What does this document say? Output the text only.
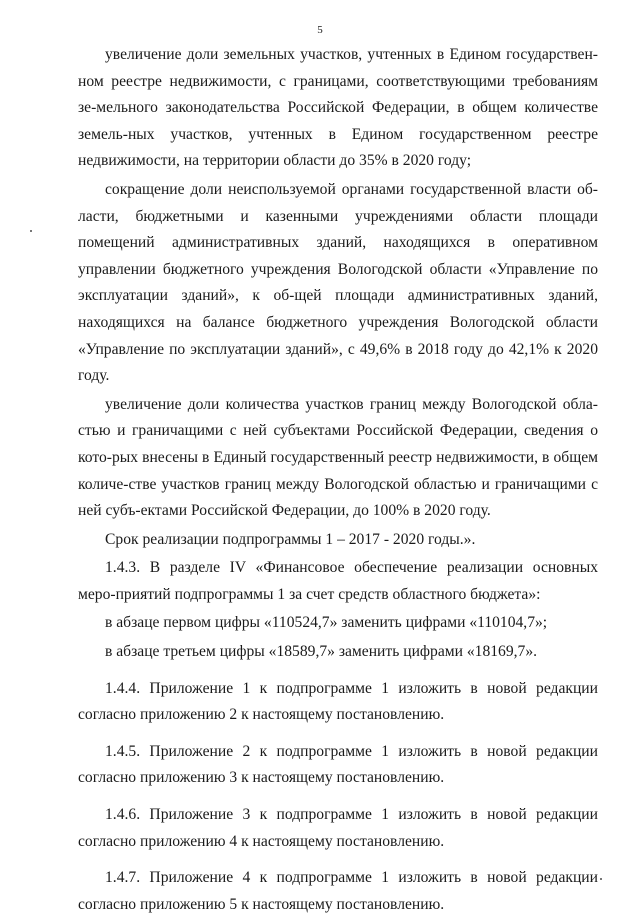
5

увеличение доли земельных участков, учтенных в Едином государствен-ном реестре недвижимости, с границами, соответствующими требованиям зе-мельного законодательства Российской Федерации, в общем количестве земель-ных участков, учтенных в Едином государственном реестре недвижимости, на территории области до 35% в 2020 году;

сокращение доли неиспользуемой органами государственной власти об-ласти, бюджетными и казенными учреждениями области площади помещений административных зданий, находящихся в оперативном управлении бюджетного учреждения Вологодской области «Управление по эксплуатации зданий», к об-щей площади административных зданий, находящихся на балансе бюджетного учреждения Вологодской области «Управление по эксплуатации зданий», с 49,6% в 2018 году до 42,1% к 2020 году.

увеличение доли количества участков границ между Вологодской обла-стью и граничащими с ней субъектами Российской Федерации, сведения о кото-рых внесены в Единый государственный реестр недвижимости, в общем количе-стве участков границ между Вологодской областью и граничащими с ней субъ-ектами Российской Федерации, до 100% в 2020 году.

Срок реализации подпрограммы 1 – 2017 - 2020 годы.».

1.4.3. В разделе IV «Финансовое обеспечение реализации основных меро-приятий подпрограммы 1 за счет средств областного бюджета»:

в абзаце первом цифры «110524,7» заменить цифрами «110104,7»;

в абзаце третьем цифры «18589,7» заменить цифрами «18169,7».

1.4.4. Приложение 1 к подпрограмме 1 изложить в новой редакции согласно приложению 2 к настоящему постановлению.

1.4.5. Приложение 2 к подпрограмме 1 изложить в новой редакции согласно приложению 3 к настоящему постановлению.

1.4.6. Приложение 3 к подпрограмме 1 изложить в новой редакции согласно приложению 4 к настоящему постановлению.

1.4.7. Приложение 4 к подпрограмме 1 изложить в новой редакции согласно приложению 5 к настоящему постановлению.
